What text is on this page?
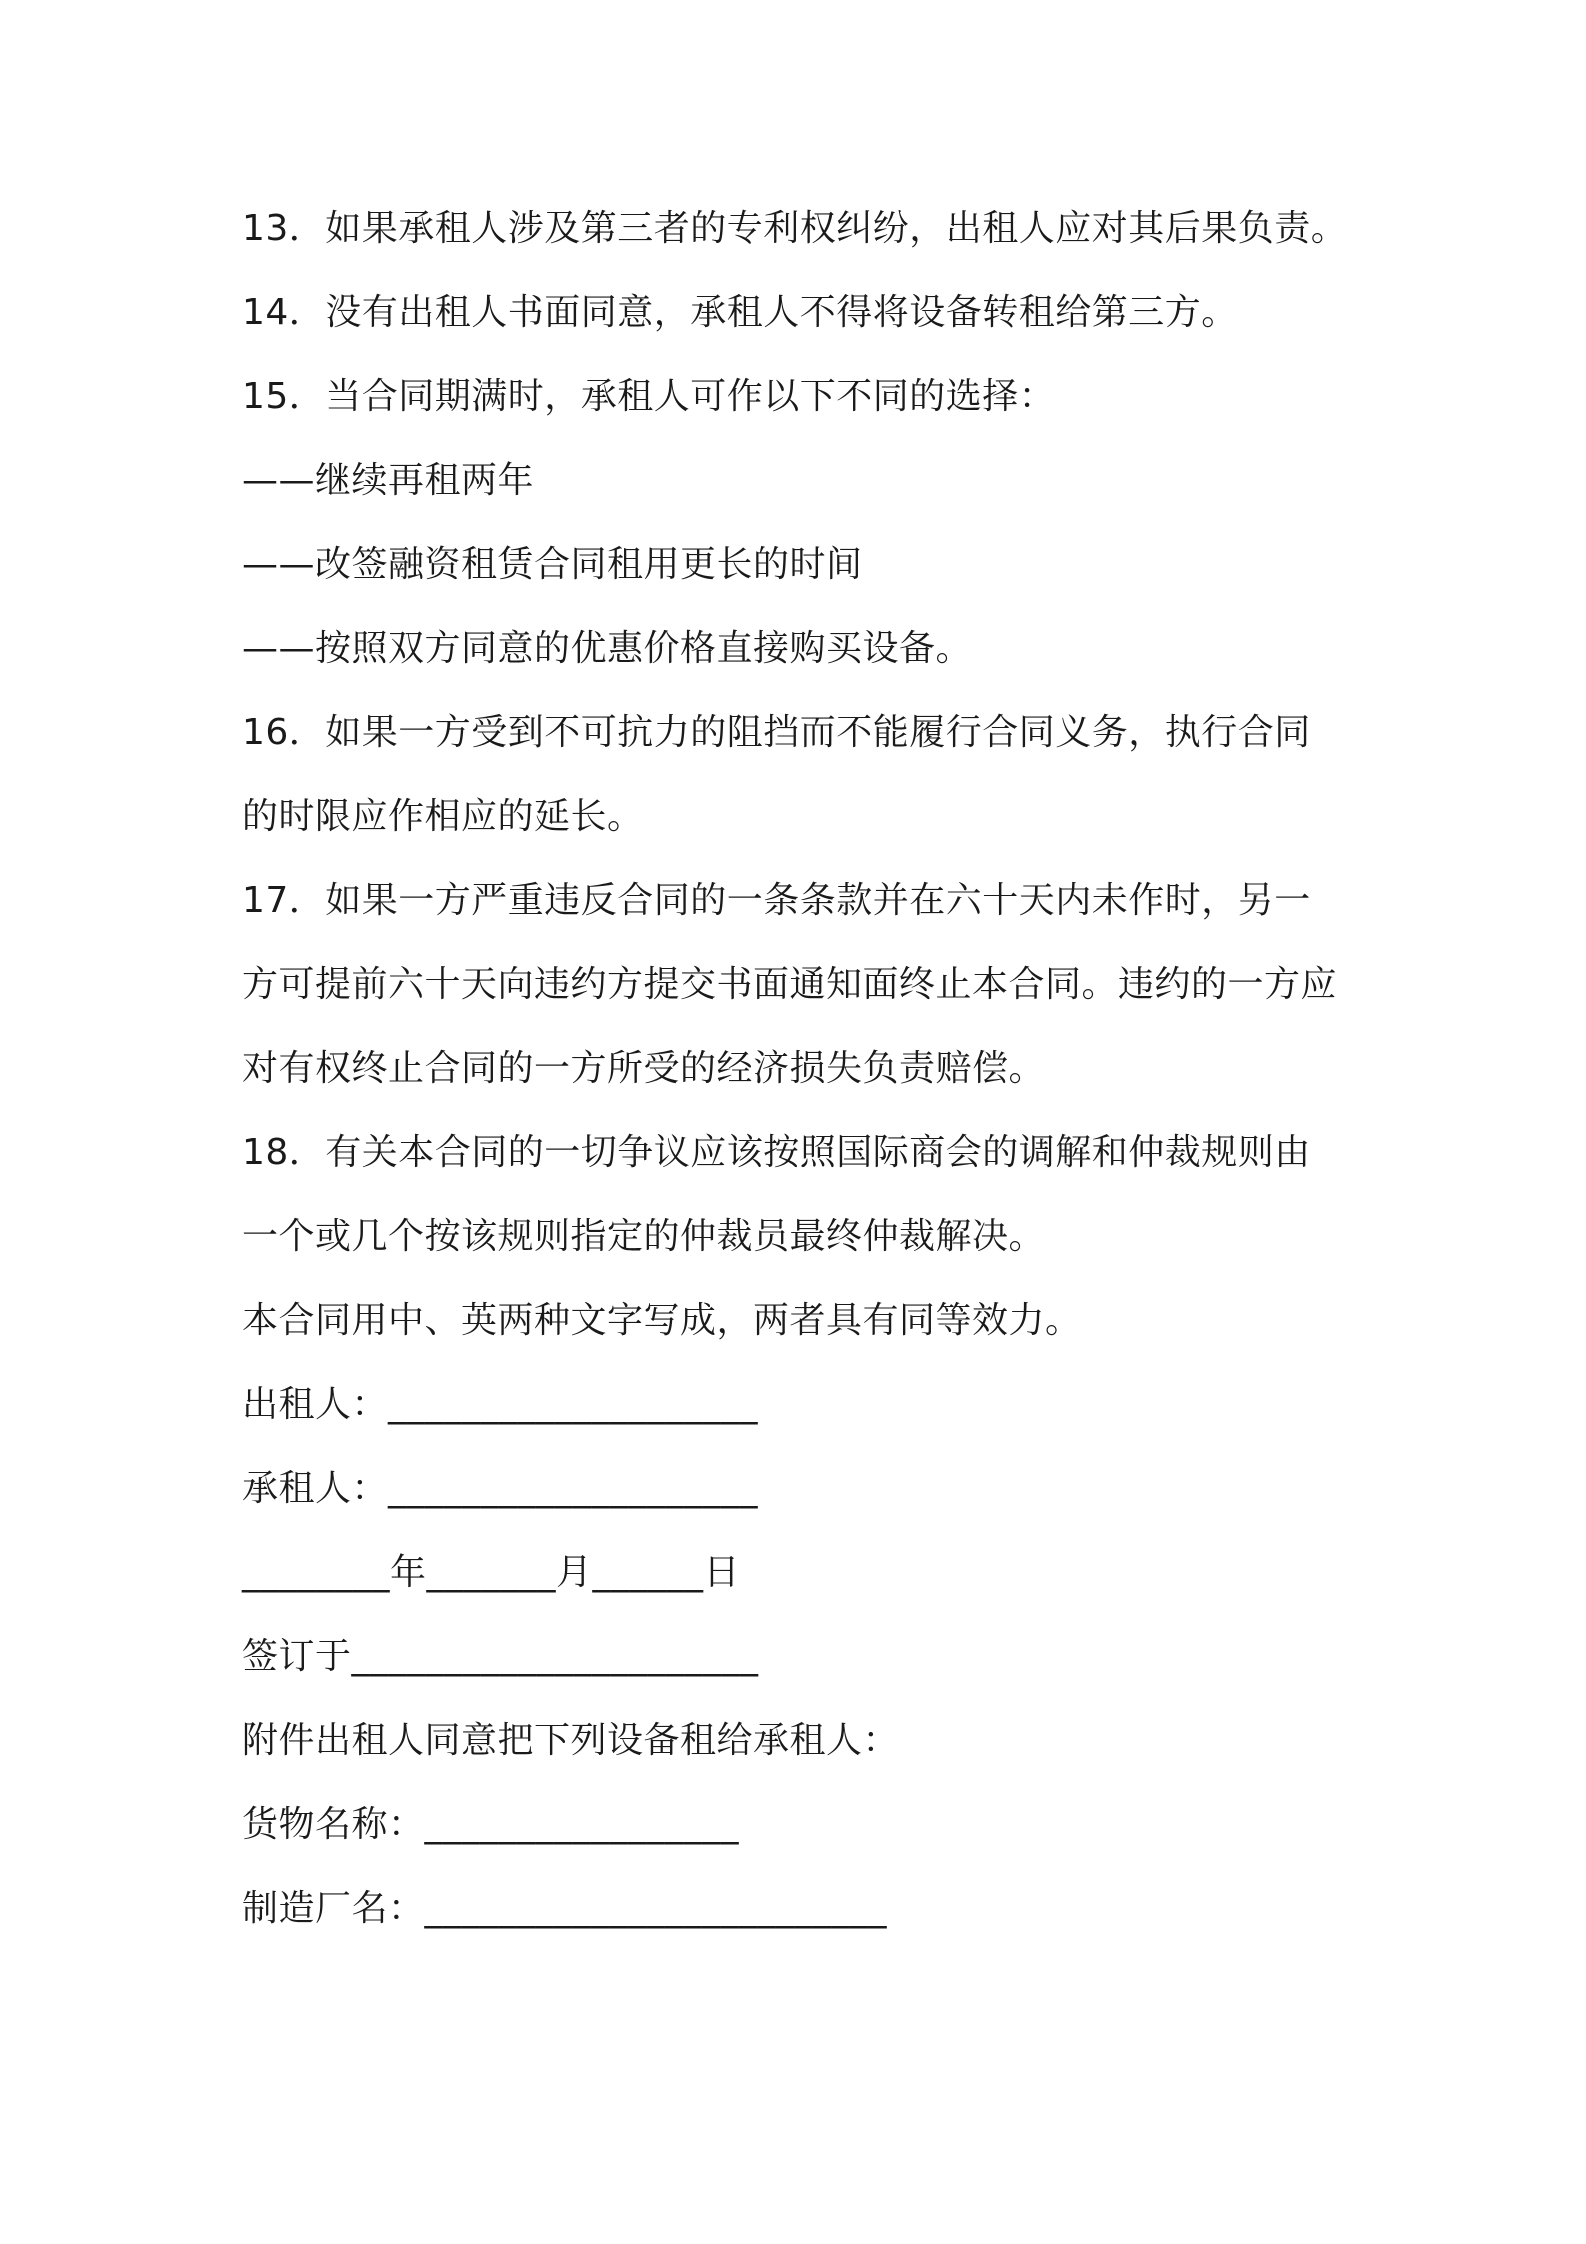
13．如果承租人涉及第三者的专利权纠纷，出租人应对其后果负责。
14．没有出租人书面同意，承租人不得将设备转租给第三方。
15．当合同期满时，承租人可作以下不同的选择：
——继续再租两年
——改签融资租赁合同租用更长的时间
——按照双方同意的优惠价格直接购买设备。
16．如果一方受到不可抗力的阻挡而不能履行合同义务，执行合同
的时限应作相应的延长。
17．如果一方严重违反合同的一条条款并在六十天内未作时，另一
方可提前六十天向违约方提交书面通知面终止本合同。违约的一方应
对有权终止合同的一方所受的经济损失负责赔偿。
18．有关本合同的一切争议应该按照国际商会的调解和仲裁规则由
一个或几个按该规则指定的仲裁员最终仲裁解决。
本合同用中、英两种文字写成，两者具有同等效力。
出租人：____________________
承租人：____________________
________年_______月______日
签订于______________________
附件出租人同意把下列设备租给承租人：
货物名称：_________________
制造厂名：_________________________
